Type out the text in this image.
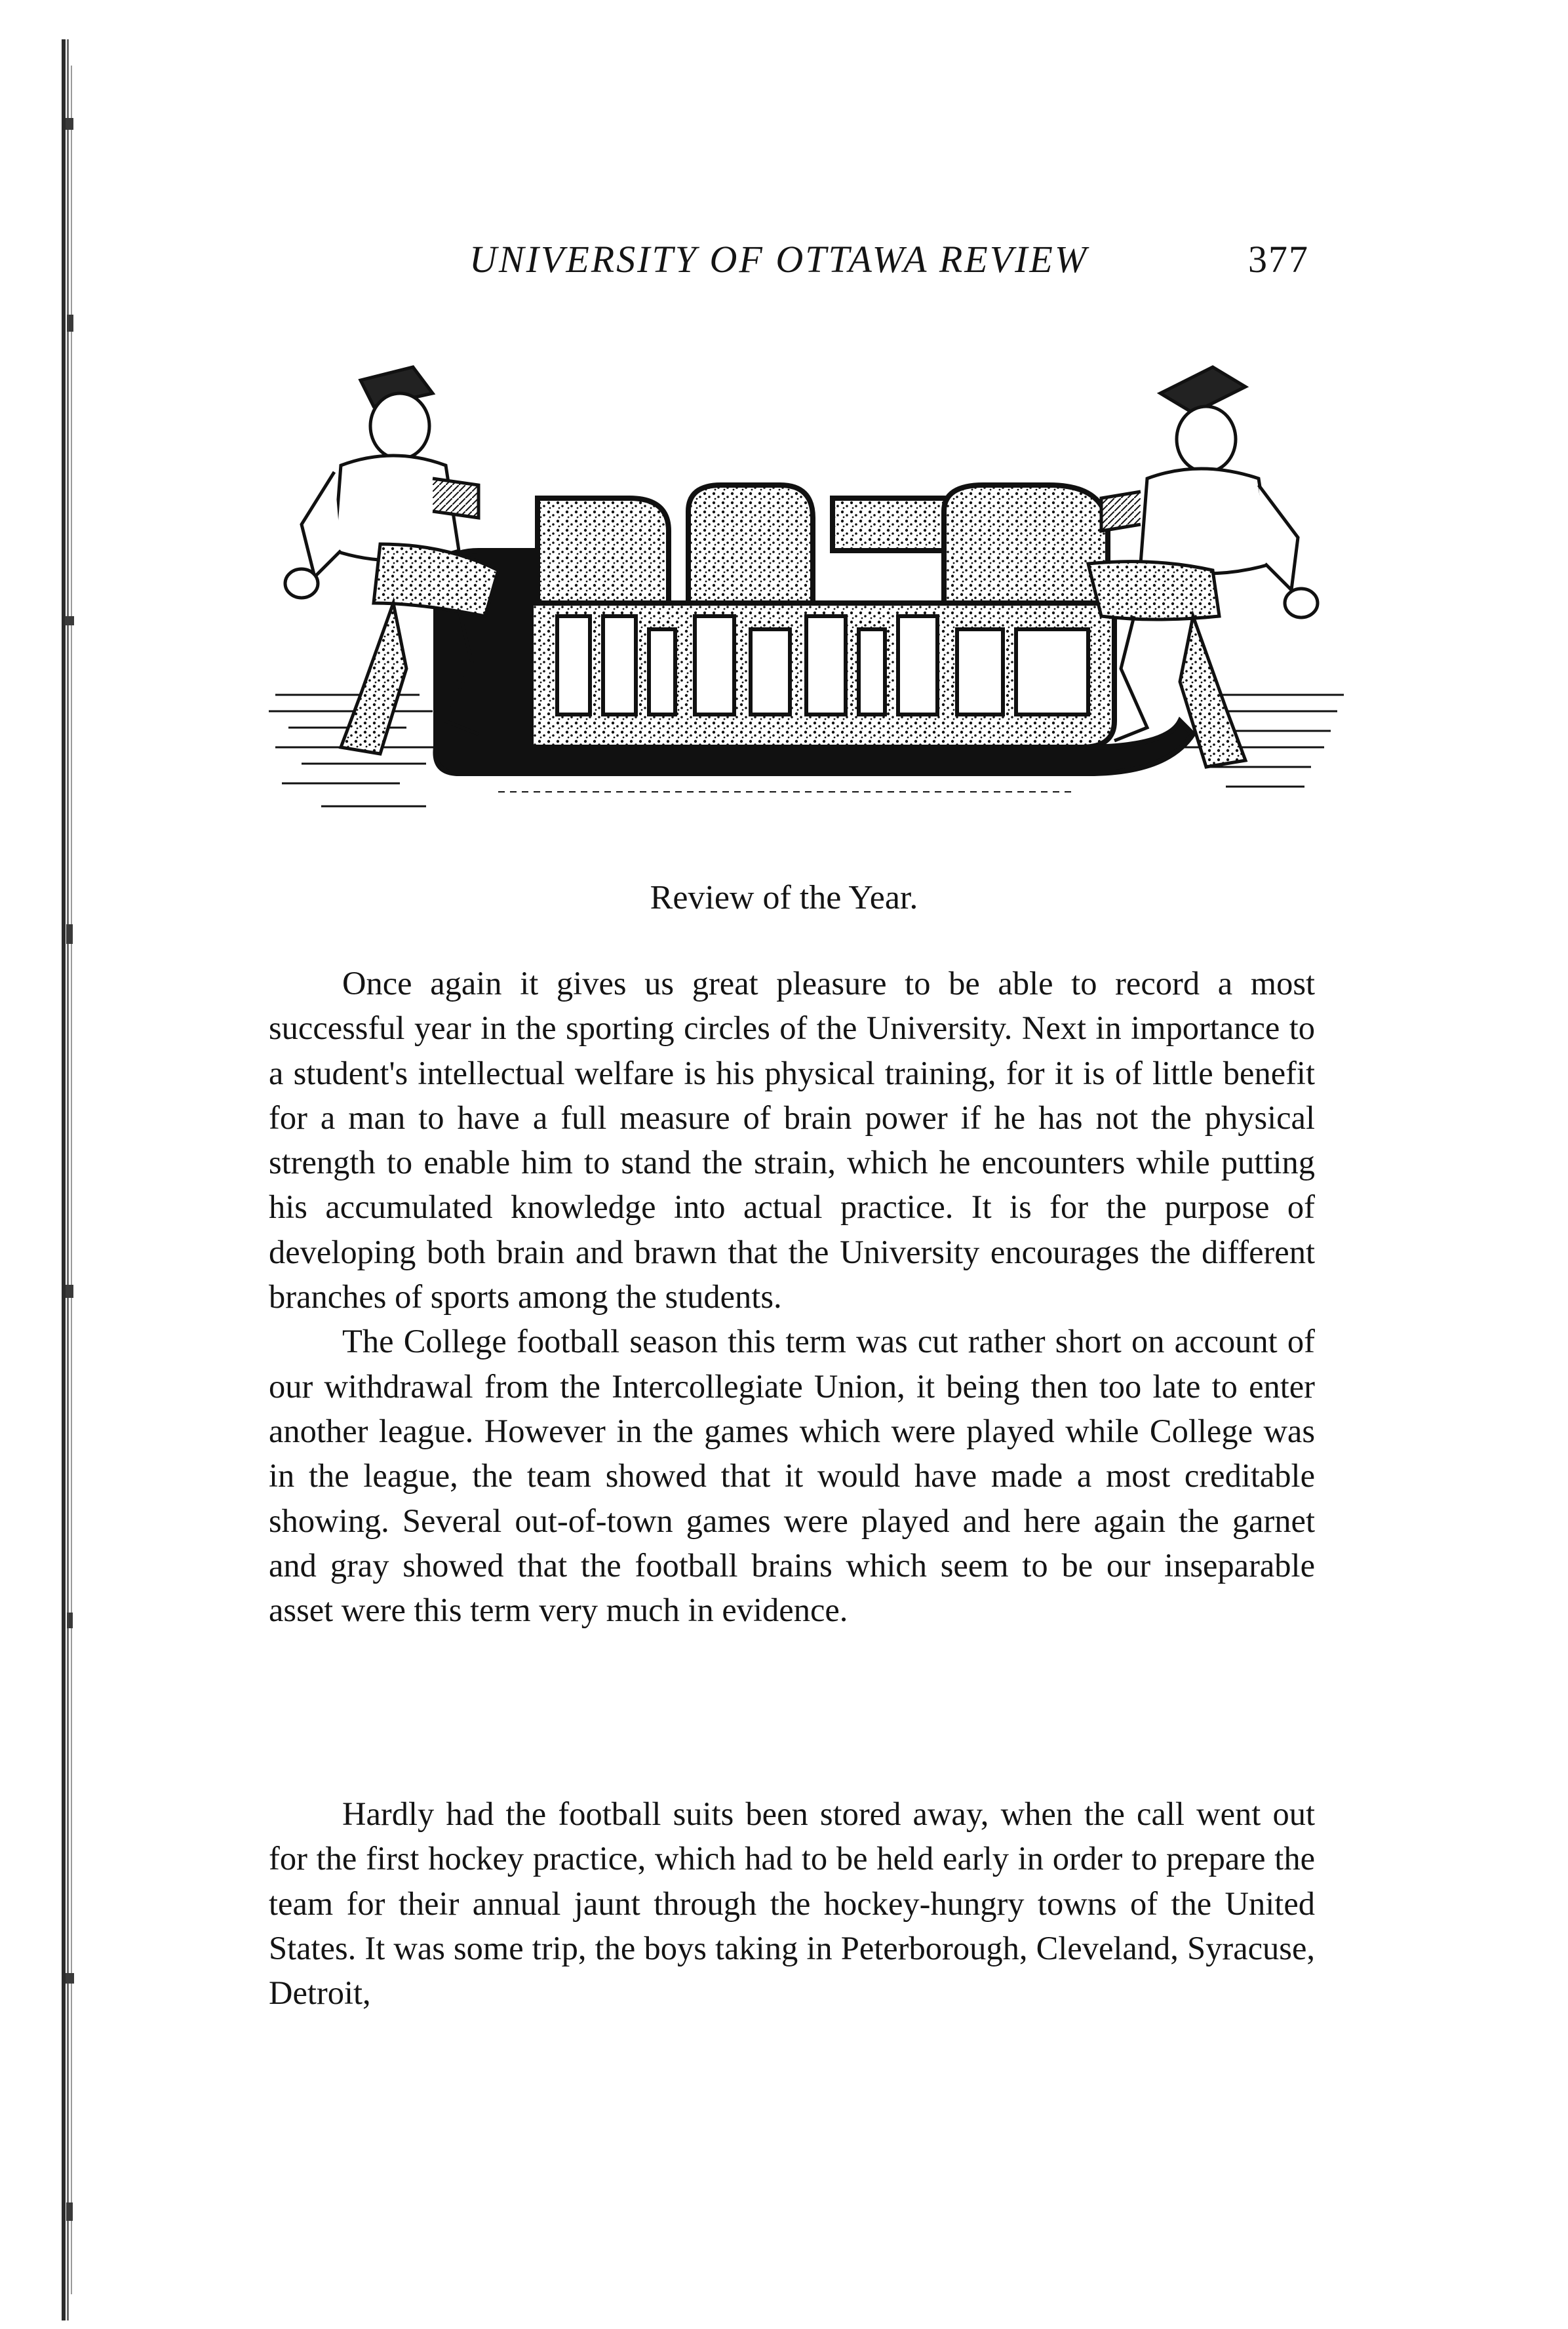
UNIVERSITY OF OTTAWA REVIEW	377
Review of the Year.

Once again it gives us great pleasure to be able to record a most successful year in the sporting circles of the University. Next in importance to a student's intellectual welfare is his physical training, for it is of little benefit for a man to have a full measure of brain power if he has not the physical strength to enable him to stand the strain, which he encounters while putting his accumulated knowledge into actual practice. It is for the purpose of developing both brain and brawn that the University encourages the different branches of sports among the students.

The College football season this term was cut rather short on account of our withdrawal from the Intercollegiate Union, it being then too late to enter another league. However in the games which were played while College was in the league, the team showed that it would have made a most creditable showing. Several out-of-town games were played and here again the garnet and gray showed that the football brains which seem to be our inseparable asset were this term very much in evidence.

Hardly had the football suits been stored away, when the call went out for the first hockey practice, which had to be held early in order to prepare the team for their annual jaunt through the hockey-hungry towns of the United States. It was some trip, the boys taking in Peterborough, Cleveland, Syracuse, Detroit,
